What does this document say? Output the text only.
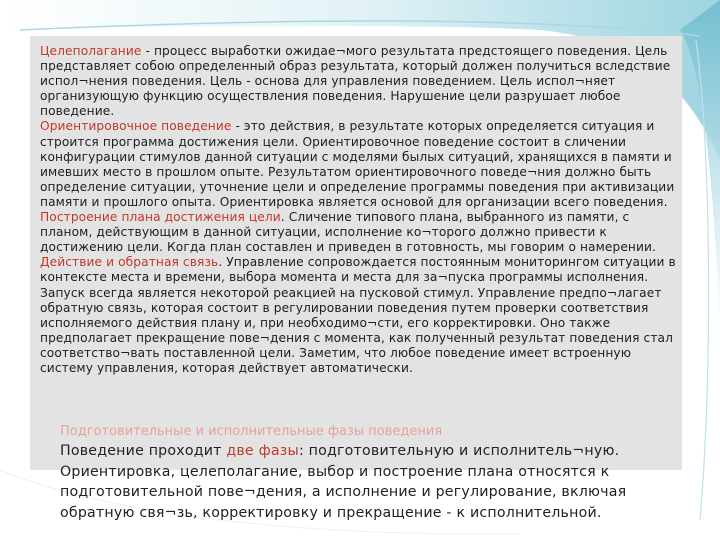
Целеполагание - процесс выработки ожидае¬мого результата предстоящего поведения. Цель представляет собою определенный образ результата, который должен получиться вследствие испол¬нения поведения. Цель - основа для управления поведением. Цель испол¬няет организующую функцию осуществления поведения. Нарушение цели разрушает любое поведение.

Ориентировочное поведение - это действия, в результате которых определяется ситуация и строится программа достижения цели. Ориентировочное поведение состоит в сличении конфигурации стимулов данной ситуации с моделями былых ситуаций, хранящихся в памяти и имевших место в прошлом опыте. Результатом ориентировочного поведе¬ния должно быть определение ситуации, уточнение цели и определение программы поведения при активизации памяти и прошлого опыта. Ориентировка является основой для организации всего поведения.

Построение плана достижения цели. Сличение типового плана, выбранного из памяти, с планом, действующим в данной ситуации, исполнение ко¬торого должно привести к достижению цели. Когда план составлен и приведен в готовность, мы говорим о намерении.

Действие и обратная связь. Управление сопровождается постоянным мониторингом ситуации в контексте места и времени, выбора момента и места для за¬пуска программы исполнения. Запуск всегда является некоторой реакцией на пусковой стимул. Управление предпо¬лагает обратную связь, которая состоит в регулировании поведения путем проверки соответствия исполняемого действия плану и, при необходимо¬сти, его корректировки. Оно также предполагает прекращение пове¬дения с момента, как полученный результат поведения стал соответство¬вать поставленной цели. Заметим, что любое поведение имеет встроенную систему управления, которая действует автоматически.

Подготовительные и исполнительные фазы поведения

Поведение проходит две фазы: подготовительную и исполнитель¬ную. Ориентировка, целеполагание, выбор и построение плана относятся к подготовительной пове¬дения, а исполнение и регулирование, включая обратную свя¬зь, корректировку и прекращение - к исполнительной.
